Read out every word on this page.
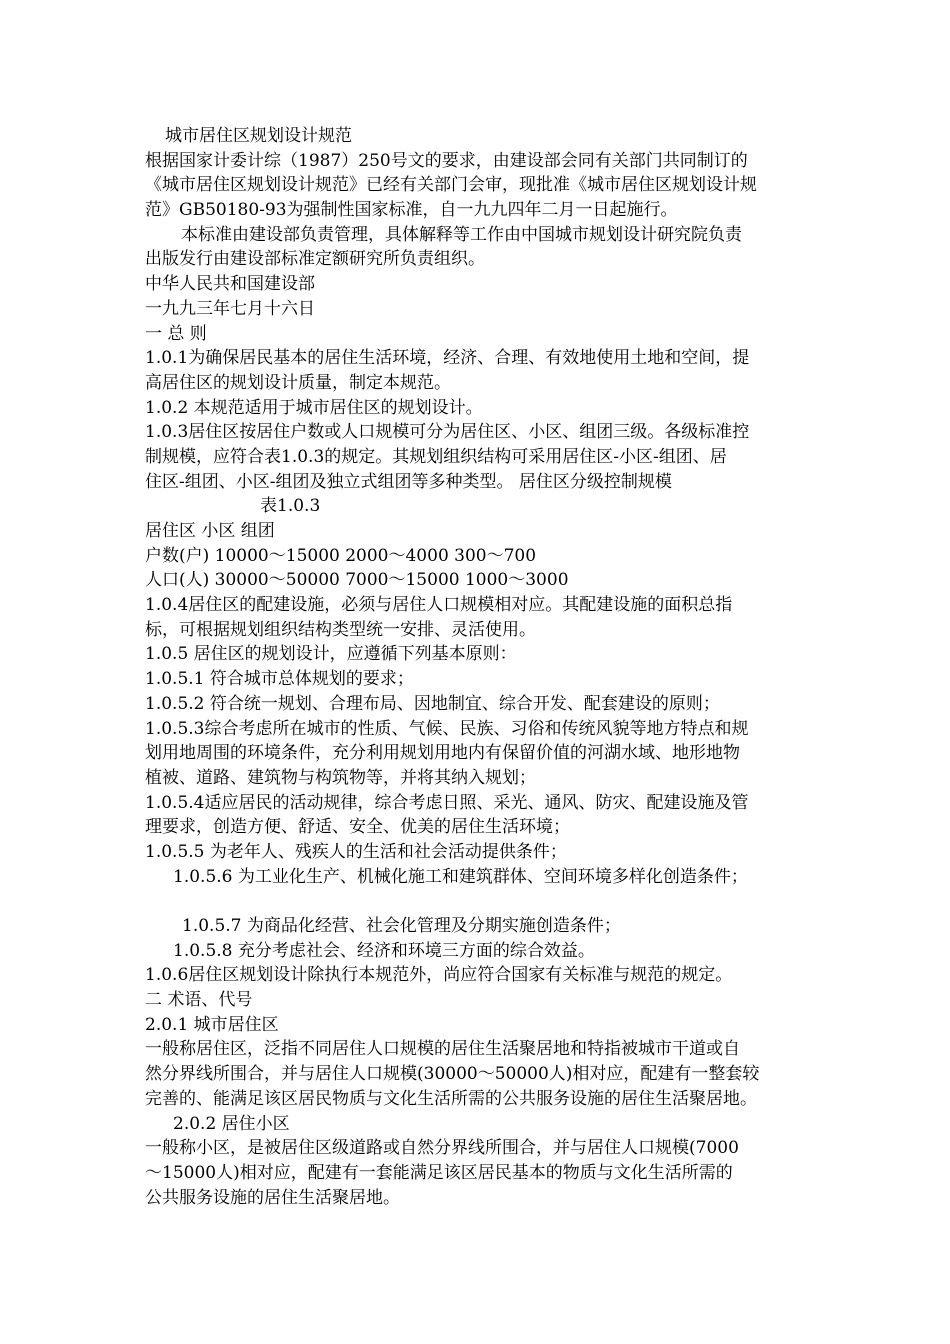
城市居住区规划设计规范
根据国家计委计综（1987）250号文的要求，由建设部会同有关部门共同制订的
《城市居住区规划设计规范》已经有关部门会审，现批准《城市居住区规划设计规
范》GB50180-93为强制性国家标准，自一九九四年二月一日起施行。
本标准由建设部负责管理，具体解释等工作由中国城市规划设计研究院负责
出版发行由建设部标准定额研究所负责组织。
中华人民共和国建设部
一九九三年七月十六日
一 总 则
1.0.1为确保居民基本的居住生活环境，经济、合理、有效地使用土地和空间，提
高居住区的规划设计质量，制定本规范。
1.0.2 本规范适用于城市居住区的规划设计。
1.0.3居住区按居住户数或人口规模可分为居住区、小区、组团三级。各级标准控
制规模，应符合表1.0.3的规定。其规划组织结构可采用居住区-小区-组团、居
住区-组团、小区-组团及独立式组团等多种类型。 居住区分级控制规模
表1.0.3
居住区 小区 组团
户数(户) 10000～15000 2000～4000 300～700
人口(人) 30000～50000 7000～15000 1000～3000
1.0.4居住区的配建设施，必须与居住人口规模相对应。其配建设施的面积总指
标，可根据规划组织结构类型统一安排、灵活使用。
1.0.5 居住区的规划设计，应遵循下列基本原则：
1.0.5.1 符合城市总体规划的要求；
1.0.5.2 符合统一规划、合理布局、因地制宜、综合开发、配套建设的原则；
1.0.5.3综合考虑所在城市的性质、气候、民族、习俗和传统风貌等地方特点和规
划用地周围的环境条件，充分利用规划用地内有保留价值的河湖水域、地形地物
植被、道路、建筑物与构筑物等，并将其纳入规划；
1.0.5.4适应居民的活动规律，综合考虑日照、采光、通风、防灾、配建设施及管
理要求，创造方便、舒适、安全、优美的居住生活环境；
1.0.5.5 为老年人、残疾人的生活和社会活动提供条件；
1.0.5.6 为工业化生产、机械化施工和建筑群体、空间环境多样化创造条件；
1.0.5.7 为商品化经营、社会化管理及分期实施创造条件；
1.0.5.8 充分考虑社会、经济和环境三方面的综合效益。
1.0.6居住区规划设计除执行本规范外，尚应符合国家有关标准与规范的规定。
二 术语、代号
2.0.1 城市居住区
一般称居住区，泛指不同居住人口规模的居住生活聚居地和特指被城市干道或自
然分界线所围合，并与居住人口规模(30000～50000人)相对应，配建有一整套较
完善的、能满足该区居民物质与文化生活所需的公共服务设施的居住生活聚居地。
2.0.2 居住小区
一般称小区，是被居住区级道路或自然分界线所围合，并与居住人口规模(7000
～15000人)相对应，配建有一套能满足该区居民基本的物质与文化生活所需的
公共服务设施的居住生活聚居地。
